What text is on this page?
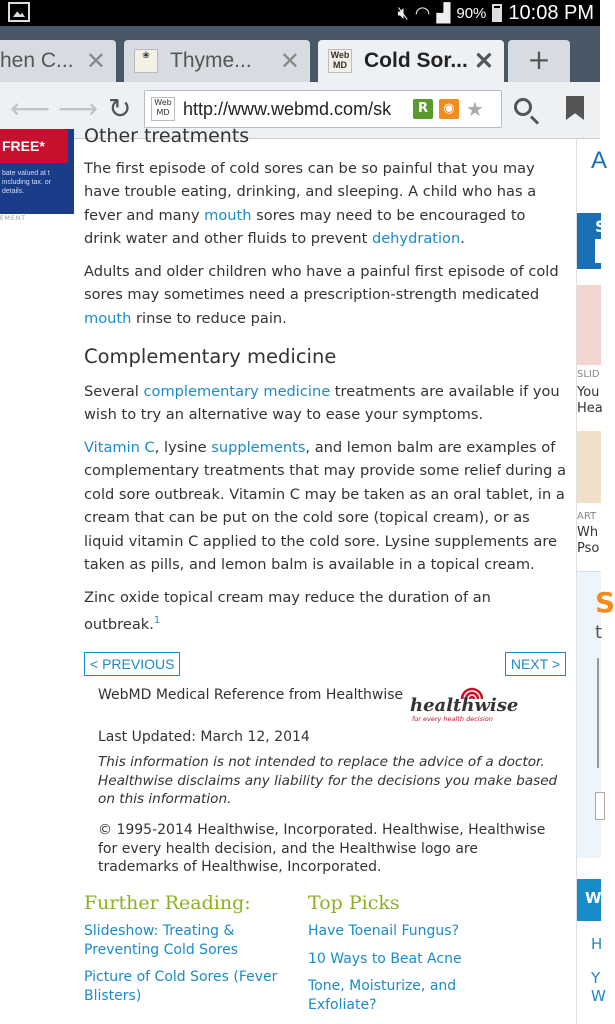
🔇︎ ◠ ▟ 90% 10:08 PM
hen C... ✕	❀ Thyme... ✕	Web
MD Cold Sor... ✕	+
⟵ ⟶ ↻	Web
MD
http://www.webmd.com/sk	R	◉ ★
FREE*
bate valued at t including tax. or details.
EMENT
Other treatments

The first episode of cold sores can be so painful that you may have trouble eating, drinking, and sleeping. A child who has a fever and many mouth sores may need to be encouraged to drink water and other fluids to prevent dehydration.

Adults and older children who have a painful first episode of cold sores may sometimes need a prescription-strength medicated mouth rinse to reduce pain.

Complementary medicine

Several complementary medicine treatments are available if you wish to try an alternative way to ease your symptoms.

Vitamin C, lysine supplements, and lemon balm are examples of complementary treatments that may provide some relief during a cold sore outbreak. Vitamin C may be taken as an oral tablet, in a cream that can be put on the cold sore (topical cream), or as liquid vitamin C applied to the cold sore. Lysine supplements are taken as pills, and lemon balm is available in a topical cream.

Zinc oxide topical cream may reduce the duration of an outbreak.$^1$

< PREVIOUS	NEXT >
WebMD Medical Reference from Healthwise healthwise
for every health decision
Last Updated: March 12, 2014
This information is not intended to replace the advice of a doctor. Healthwise disclaims any liability for the decisions you make based on this information.
© 1995-2014 Healthwise, Incorporated. Healthwise, Healthwise for every health decision, and the Healthwise logo are trademarks of Healthwise, Incorporated.
Further Reading:
Slideshow: Treating & Preventing Cold Sores
Picture of Cold Sores (Fever Blisters)
Top Picks
Have Toenail Fungus?
10 Ways to Beat Acne
Tone, Moisturize, and Exfoliate?
A
S
SLID
You
Hea
ART
Wh
Pso
S
t
W
H
Y
W
